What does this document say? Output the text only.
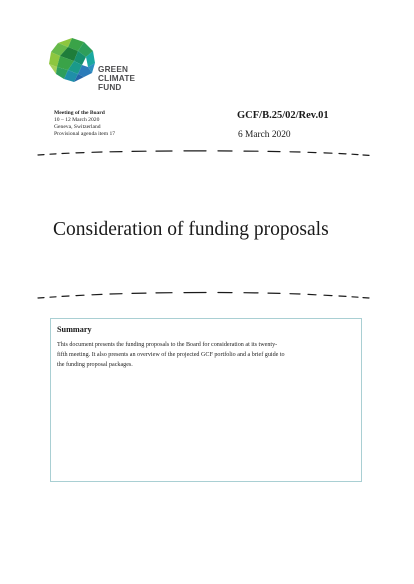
GREEN
CLIMATE
FUND
Meeting of the Board
10 – 12 March 2020
Geneva, Switzerland
Provisional agenda item 17
GCF/B.25/02/Rev.01
6 March 2020
Consideration of funding proposals
Summary
This document presents the funding proposals to the Board for consideration at its twenty-
fifth meeting. It also presents an overview of the projected GCF portfolio and a brief guide to
the funding proposal packages.
